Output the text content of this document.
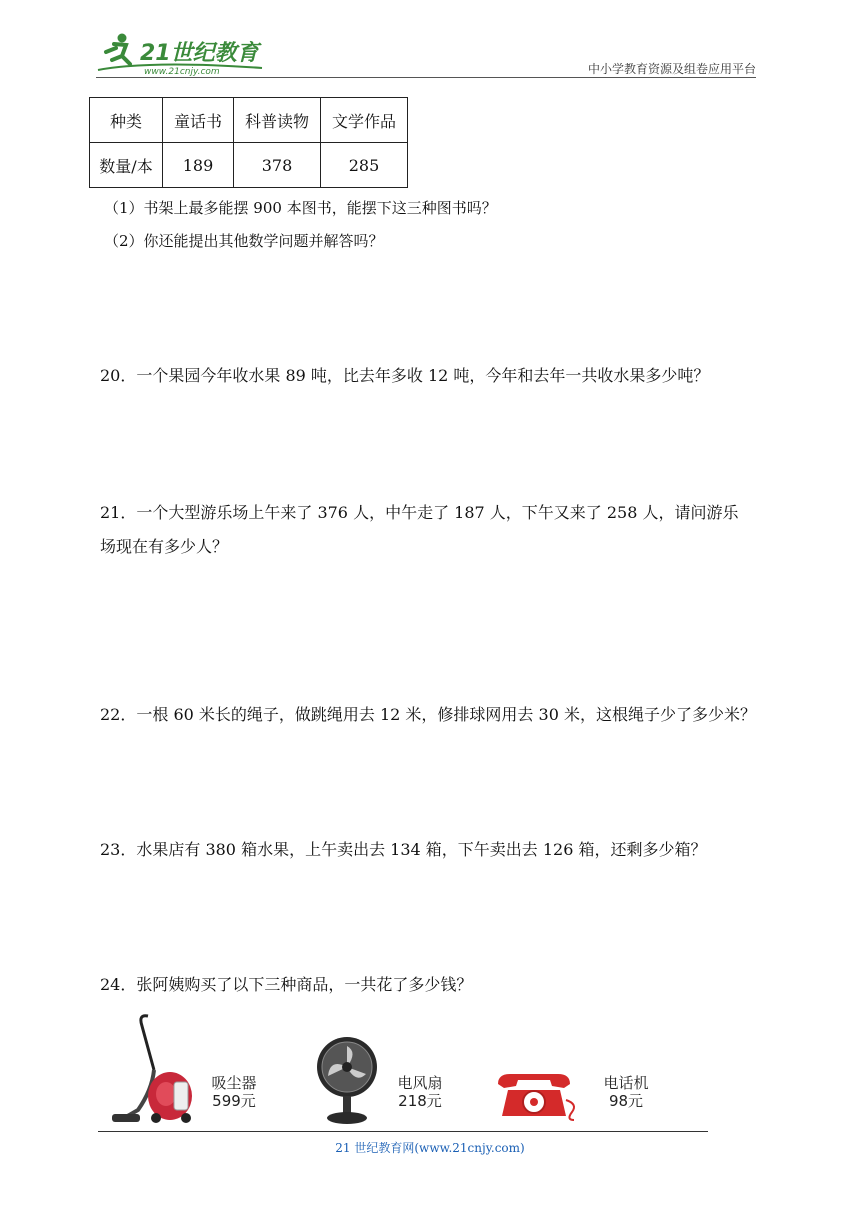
21世纪教育
www.21cnjy.com	中小学教育资源及组卷应用平台
种类	童话书	科普读物	文学作品
数量/本	189	378	285
（1）书架上最多能摆 900 本图书，能摆下这三种图书吗？
（2）你还能提出其他数学问题并解答吗？
20．一个果园今年收水果 89 吨，比去年多收 12 吨，今年和去年一共收水果多少吨？
21．一个大型游乐场上午来了 376 人，中午走了 187 人，下午又来了 258 人，请问游乐
场现在有多少人？
22．一根 60 米长的绳子，做跳绳用去 12 米，修排球网用去 30 米，这根绳子少了多少米？
23．水果店有 380 箱水果，上午卖出去 134 箱，下午卖出去 126 箱，还剩多少箱？
24．张阿姨购买了以下三种商品，一共花了多少钱？
吸尘器
599元
电风扇
218元
电话机
98元
21 世纪教育网(www.21cnjy.com)
